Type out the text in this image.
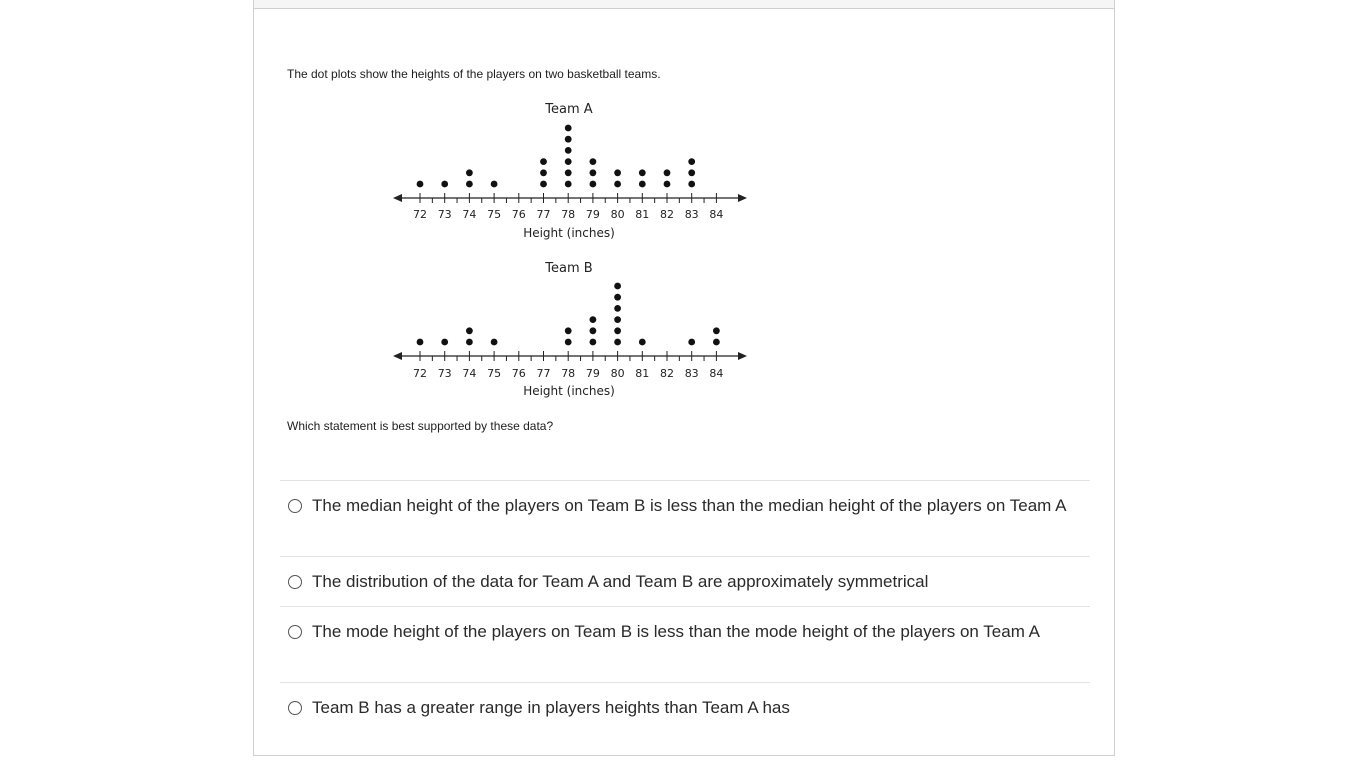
The dot plots show the heights of the players on two basketball teams.

Team A
72 73 74 75 76 77 78 79 80 81 82 83 84
Height (inches)
Team B
72 73 74 75 76 77 78 79 80 81 82 83 84
Height (inches)

Which statement is best supported by these data?

The median height of the players on Team B is less than the median height of the players on Team A
The distribution of the data for Team A and Team B are approximately symmetrical
The mode height of the players on Team B is less than the mode height of the players on Team A
Team B has a greater range in players heights than Team A has
